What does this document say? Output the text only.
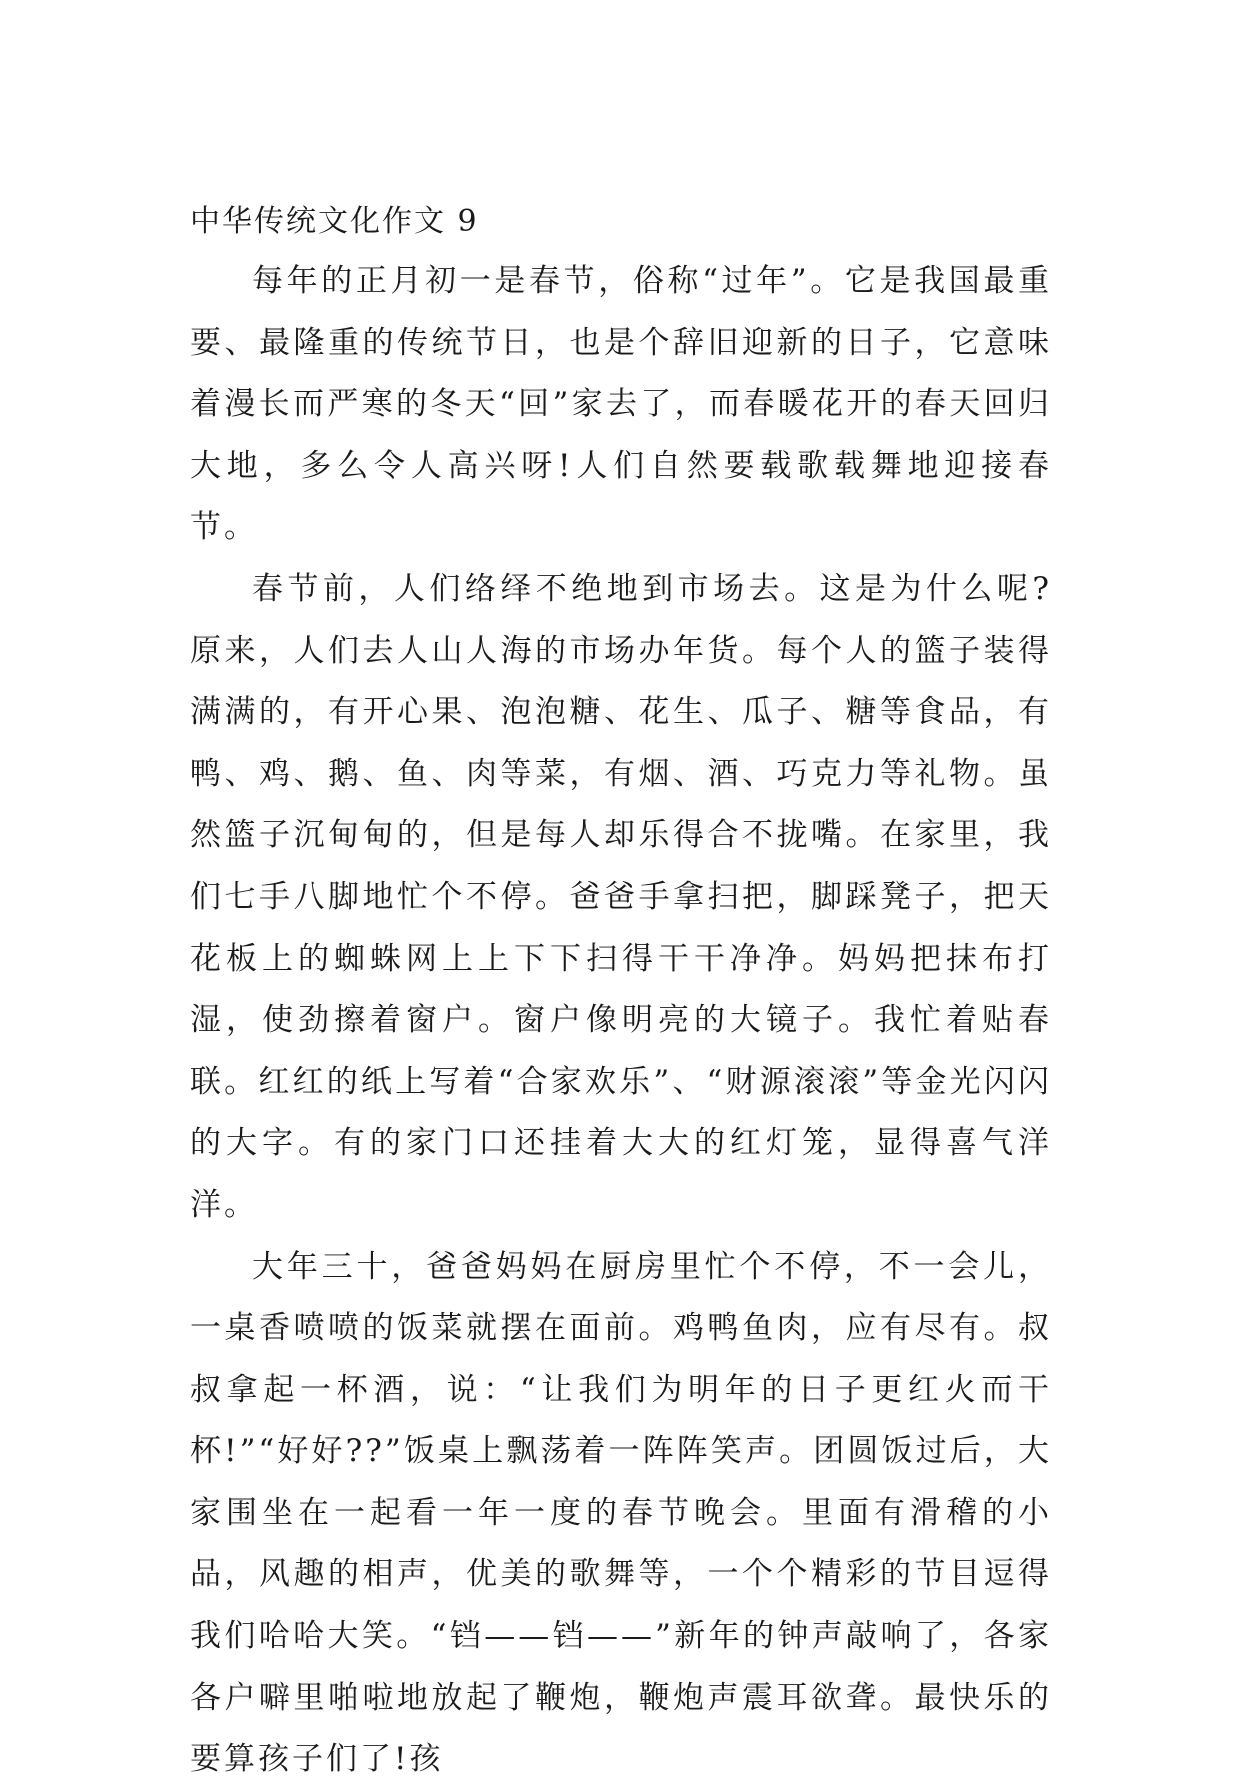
中华传统文化作文 9

每年的正月初一是春节，俗称“过年”。它是我国最重要、最隆重的传统节日，也是个辞旧迎新的日子，它意味着漫长而严寒的冬天“回”家去了，而春暖花开的春天回归大地，多么令人高兴呀!人们自然要载歌载舞地迎接春节。

春节前，人们络绎不绝地到市场去。这是为什么呢?原来，人们去人山人海的市场办年货。每个人的篮子装得满满的，有开心果、泡泡糖、花生、瓜子、糖等食品，有鸭、鸡、鹅、鱼、肉等菜，有烟、酒、巧克力等礼物。虽然篮子沉甸甸的，但是每人却乐得合不拢嘴。在家里，我们七手八脚地忙个不停。爸爸手拿扫把，脚踩凳子，把天花板上的蜘蛛网上上下下扫得干干净净。妈妈把抹布打湿，使劲擦着窗户。窗户像明亮的大镜子。我忙着贴春联。红红的纸上写着“合家欢乐”、“财源滚滚”等金光闪闪的大字。有的家门口还挂着大大的红灯笼，显得喜气洋洋。

大年三十，爸爸妈妈在厨房里忙个不停，不一会儿，一桌香喷喷的饭菜就摆在面前。鸡鸭鱼肉，应有尽有。叔叔拿起一杯酒，说：“让我们为明年的日子更红火而干杯!”“好好??”饭桌上飘荡着一阵阵笑声。团圆饭过后，大家围坐在一起看一年一度的春节晚会。里面有滑稽的小品，风趣的相声，优美的歌舞等，一个个精彩的节目逗得我们哈哈大笑。“铛——铛——”新年的钟声敲响了，各家各户噼里啪啦地放起了鞭炮，鞭炮声震耳欲聋。最快乐的要算孩子们了!孩
